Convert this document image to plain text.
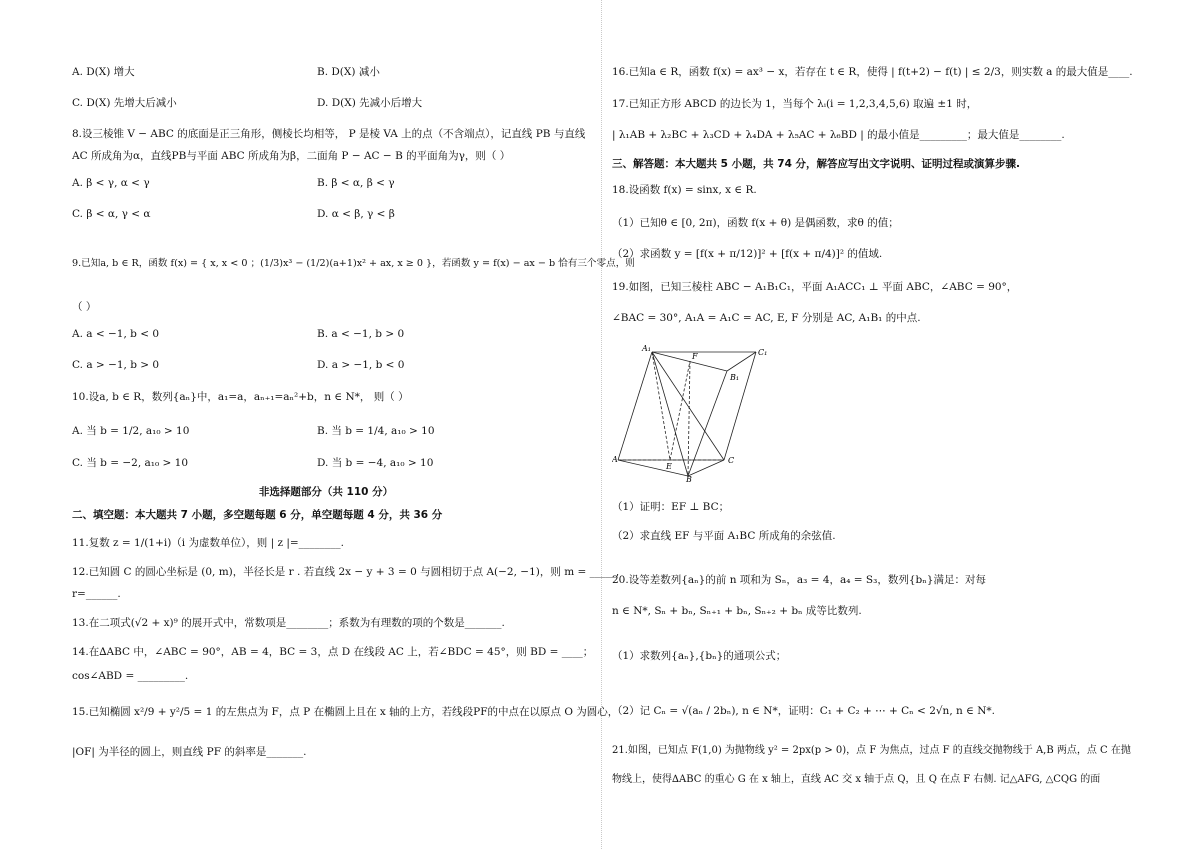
A. D(X) 增大	B. D(X) 减小
C. D(X) 先增大后减小	D. D(X) 先减小后增大
8.设三棱锥 V − ABC 的底面是正三角形，侧棱长均相等， P 是棱 VA 上的点（不含端点），记直线 PB 与直线
AC 所成角为α，直线PB与平面 ABC 所成角为β，二面角 P − AC − B 的平面角为γ，则（ ）
A. β < γ, α < γ	B. β < α, β < γ
C. β < α, γ < α	D. α < β, γ < β
9.已知a, b ∈ R，函数 f(x) = { x, x < 0 ；(1/3)x³ − (1/2)(a+1)x² + ax, x ≥ 0 }，若函数 y = f(x) − ax − b 恰有三个零点，则
（ ）
A. a < −1, b < 0	B. a < −1, b > 0
C. a > −1, b > 0	D. a > −1, b < 0
10.设a, b ∈ R，数列{aₙ}中，a₁=a，aₙ₊₁=aₙ²+b，n ∈ N*， 则（ ）
A. 当 b = 1/2, a₁₀ > 10	B. 当 b = 1/4, a₁₀ > 10
C. 当 b = −2, a₁₀ > 10	D. 当 b = −4, a₁₀ > 10
非选择题部分（共 110 分）
二、填空题：本大题共 7 小题，多空题每题 6 分，单空题每题 4 分，共 36 分
11.复数 z = 1/(1+i)（i 为虚数单位），则 | z |=________.
12.已知圆 C 的圆心坐标是 (0, m)，半径长是 r . 若直线 2x − y + 3 = 0 与圆相切于点 A(−2, −1)，则 m = _____,
r=______.
13.在二项式(√2 + x)⁹ 的展开式中，常数项是________；系数为有理数的项的个数是_______.
14.在∆ABC 中，∠ABC = 90°，AB = 4，BC = 3，点 D 在线段 AC 上，若∠BDC = 45°，则 BD = ____；
cos∠ABD = _________.
15.已知椭圆 x²/9 + y²/5 = 1 的左焦点为 F，点 P 在椭圆上且在 x 轴的上方，若线段PF的中点在以原点 O 为圆心，
|OF| 为半径的圆上，则直线 PF 的斜率是_______.
16.已知a ∈ R，函数 f(x) = ax³ − x，若存在 t ∈ R，使得 | f(t+2) − f(t) | ≤ 2/3，则实数 a 的最大值是____.
17.已知正方形 ABCD 的边长为 1，当每个 λᵢ(i = 1,2,3,4,5,6) 取遍 ±1 时，
| λ₁AB + λ₂BC + λ₃CD + λ₄DA + λ₅AC + λ₆BD | 的最小值是_________；最大值是________.
三、解答题：本大题共 5 小题，共 74 分，解答应写出文字说明、证明过程或演算步骤.
18.设函数 f(x) = sinx, x ∈ R.
（1）已知θ ∈ [0, 2π)，函数 f(x + θ) 是偶函数，求θ 的值；
（2）求函数 y = [f(x + π/12)]² + [f(x + π/4)]² 的值域.
19.如图，已知三棱柱 ABC − A₁B₁C₁，平面 A₁ACC₁ ⊥ 平面 ABC，∠ABC = 90°，
∠BAC = 30°, A₁A = A₁C = AC, E, F 分别是 AC, A₁B₁ 的中点.
A₁	C₁
B₁
F
A	C
E
B
（1）证明：EF ⊥ BC；
（2）求直线 EF 与平面 A₁BC 所成角的余弦值.
20.设等差数列{aₙ}的前 n 项和为 Sₙ，a₃ = 4，a₄ = S₃，数列{bₙ}满足：对每
n ∈ N*, Sₙ + bₙ, Sₙ₊₁ + bₙ, Sₙ₊₂ + bₙ 成等比数列.
（1）求数列{aₙ},{bₙ}的通项公式；
（2）记 Cₙ = √(aₙ / 2bₙ), n ∈ N*，证明：C₁ + C₂ + ⋯ + Cₙ < 2√n, n ∈ N*.
21.如图，已知点 F(1,0) 为抛物线 y² = 2px(p > 0)，点 F 为焦点，过点 F 的直线交抛物线于 A,B 两点，点 C 在抛
物线上，使得∆ABC 的重心 G 在 x 轴上，直线 AC 交 x 轴于点 Q，且 Q 在点 F 右侧. 记△AFG, △CQG 的面
